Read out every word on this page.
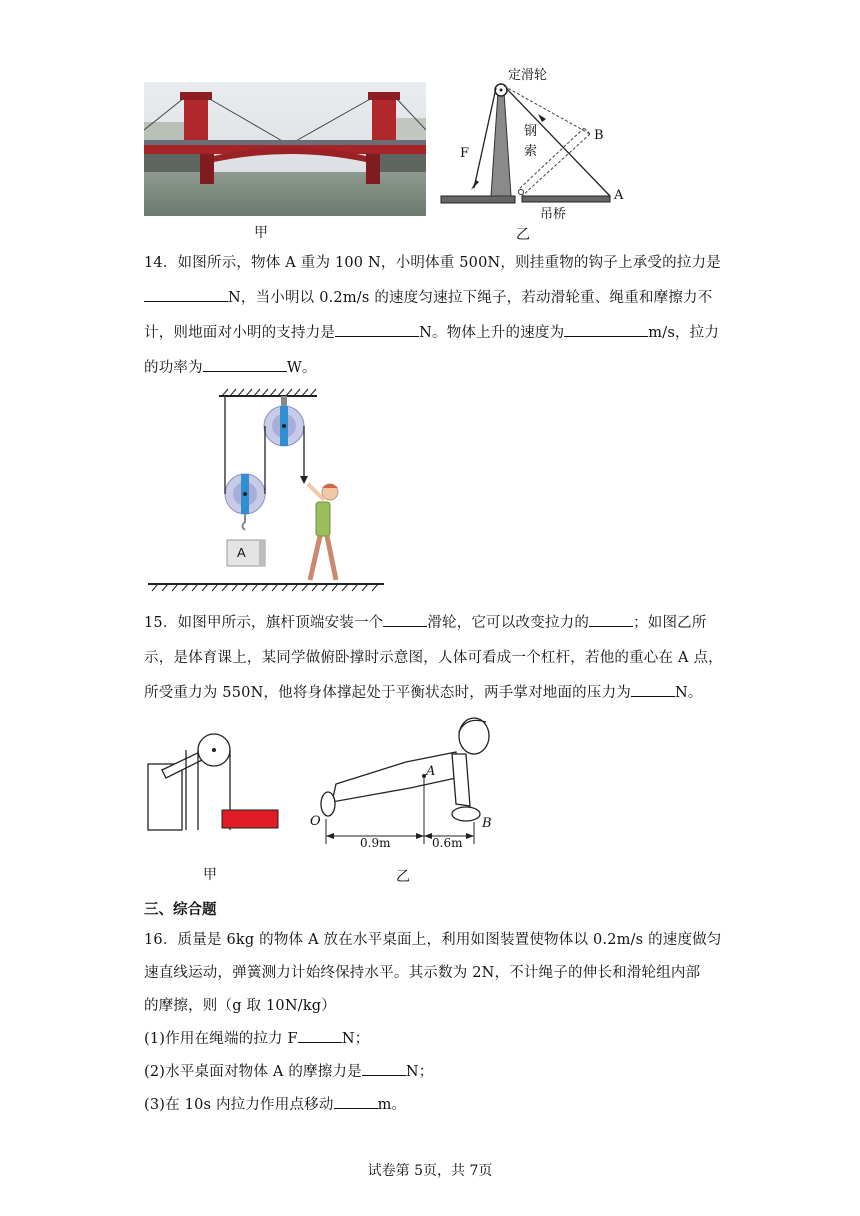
甲
定滑轮
F
钢
索
B
A
吊桥
乙
14．如图所示，物体 A 重为 100 N，小明体重 500N，则挂重物的钩子上承受的拉力是
N，当小明以 0.2m/s 的速度匀速拉下绳子，若动滑轮重、绳重和摩擦力不
计，则地面对小明的支持力是	N。物体上升的速度为	m/s，拉力
的功率为	W。
A
15．如图甲所示，旗杆顶端安装一个	滑轮，它可以改变拉力的	；如图乙所
示，是体育课上，某同学做俯卧撑时示意图，人体可看成一个杠杆，若他的重心在 A 点，
所受重力为 550N，他将身体撑起处于平衡状态时，两手掌对地面的压力为	N。
甲
O
A
B
0.9m	0.6m
乙
三、综合题
16．质量是 6kg 的物体 A 放在水平桌面上，利用如图装置使物体以 0.2m/s 的速度做匀
速直线运动，弹簧测力计始终保持水平。其示数为 2N，不计绳子的伸长和滑轮组内部
的摩擦，则（g 取 10N/kg）
(1)作用在绳端的拉力 F	N；
(2)水平桌面对物体 A 的摩擦力是	N；
(3)在 10s 内拉力作用点移动	m。
试卷第 5页，共 7页
